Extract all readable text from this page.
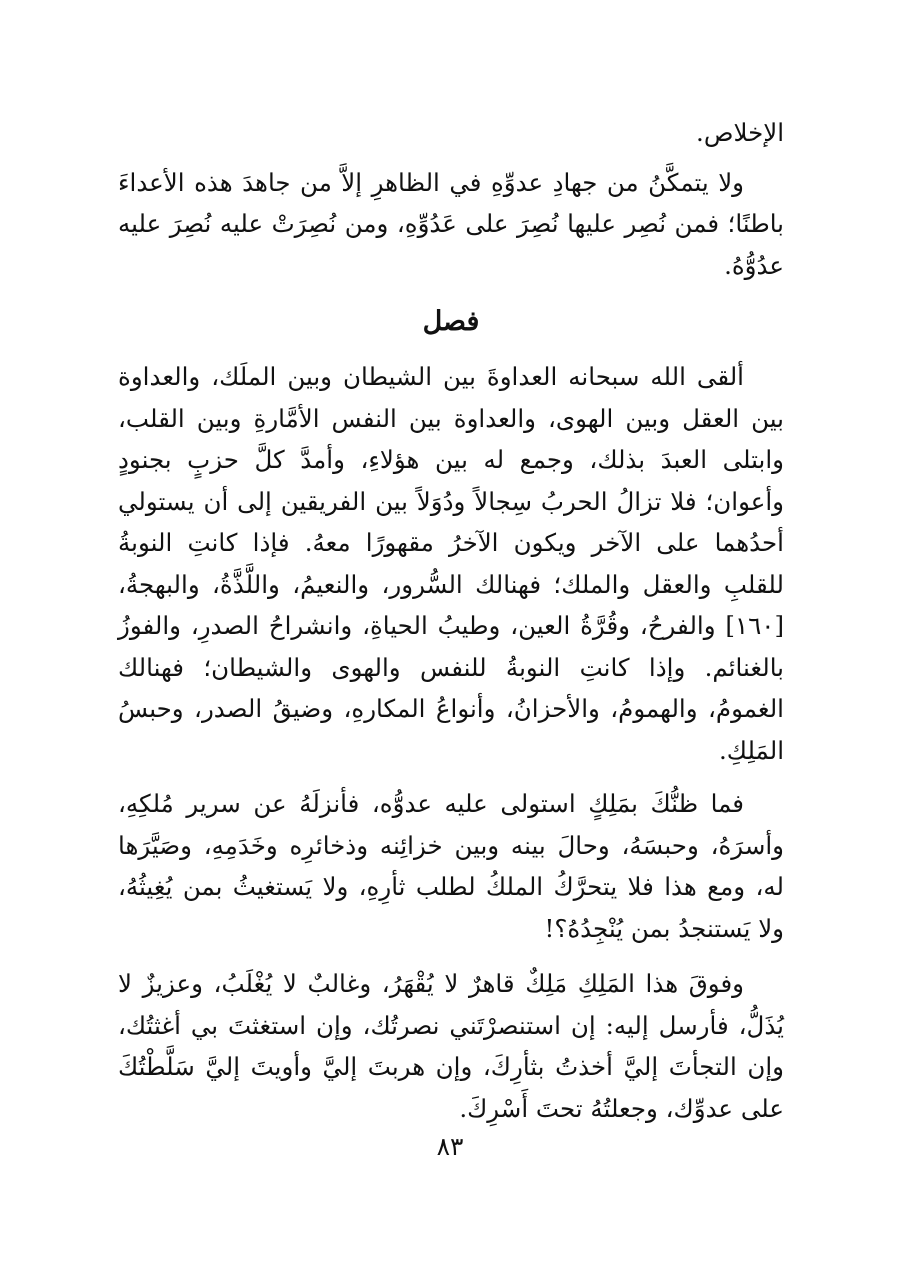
الإخلاص.

ولا يتمكَّنُ من جهادِ عدوِّهِ في الظاهرِ إلاَّ من جاهدَ هذه الأعداءَ باطنًا؛ فمن نُصِر عليها نُصِرَ على عَدُوِّهِ، ومن نُصِرَتْ عليه نُصِرَ عليه عدُوُّهُ.

فصل

ألقى الله سبحانه العداوةَ بين الشيطان وبين الملَك، والعداوة بين العقل وبين الهوى، والعداوة بين النفس الأمَّارةِ وبين القلب، وابتلى العبدَ بذلك، وجمع له بين هؤلاءِ، وأمدَّ كلَّ حزبٍ بجنودٍ وأعوان؛ فلا تزالُ الحربُ سِجالاً ودُوَلاً بين الفريقين إلى أن يستولي أحدُهما على الآخر ويكون الآخرُ مقهورًا معهُ. فإذا كانتِ النوبةُ للقلبِ والعقل والملك؛ فهنالك السُّرور، والنعيمُ، واللَّذَّةُ، والبهجةُ، [١٦٠] والفرحُ، وقُرَّةُ العين، وطيبُ الحياةِ، وانشراحُ الصدرِ، والفوزُ بالغنائم. وإذا كانتِ النوبةُ للنفس والهوى والشيطان؛ فهنالك الغمومُ، والهمومُ، والأحزانُ، وأنواعُ المكارهِ، وضيقُ الصدر، وحبسُ المَلِكِ.

فما ظنُّكَ بمَلِكٍ استولى عليه عدوُّه، فأنزلَهُ عن سرير مُلكِهِ، وأسرَهُ، وحبسَهُ، وحالَ بينه وبين خزائِنه وذخائرِه وخَدَمِهِ، وصَيَّرَها له، ومع هذا فلا يتحرَّكُ الملكُ لطلب ثأرِهِ، ولا يَستغيثُ بمن يُغِيثُهُ، ولا يَستنجدُ بمن يُنْجِدُهُ؟!

وفوقَ هذا المَلِكِ مَلِكٌ قاهرٌ لا يُقْهَرُ، وغالبٌ لا يُغْلَبُ، وعزيزٌ لا يُذَلُّ، فأرسل إليه: إن استنصرْتَني نصرتُك، وإن استغثتَ بي أغثتُك، وإن التجأتَ إليَّ أخذتُ بثأرِكَ، وإن هربتَ إليَّ وأويتَ إليَّ سَلَّطْتُكَ على عدوِّك، وجعلتُهُ تحتَ أَسْرِكَ.

٨٣
